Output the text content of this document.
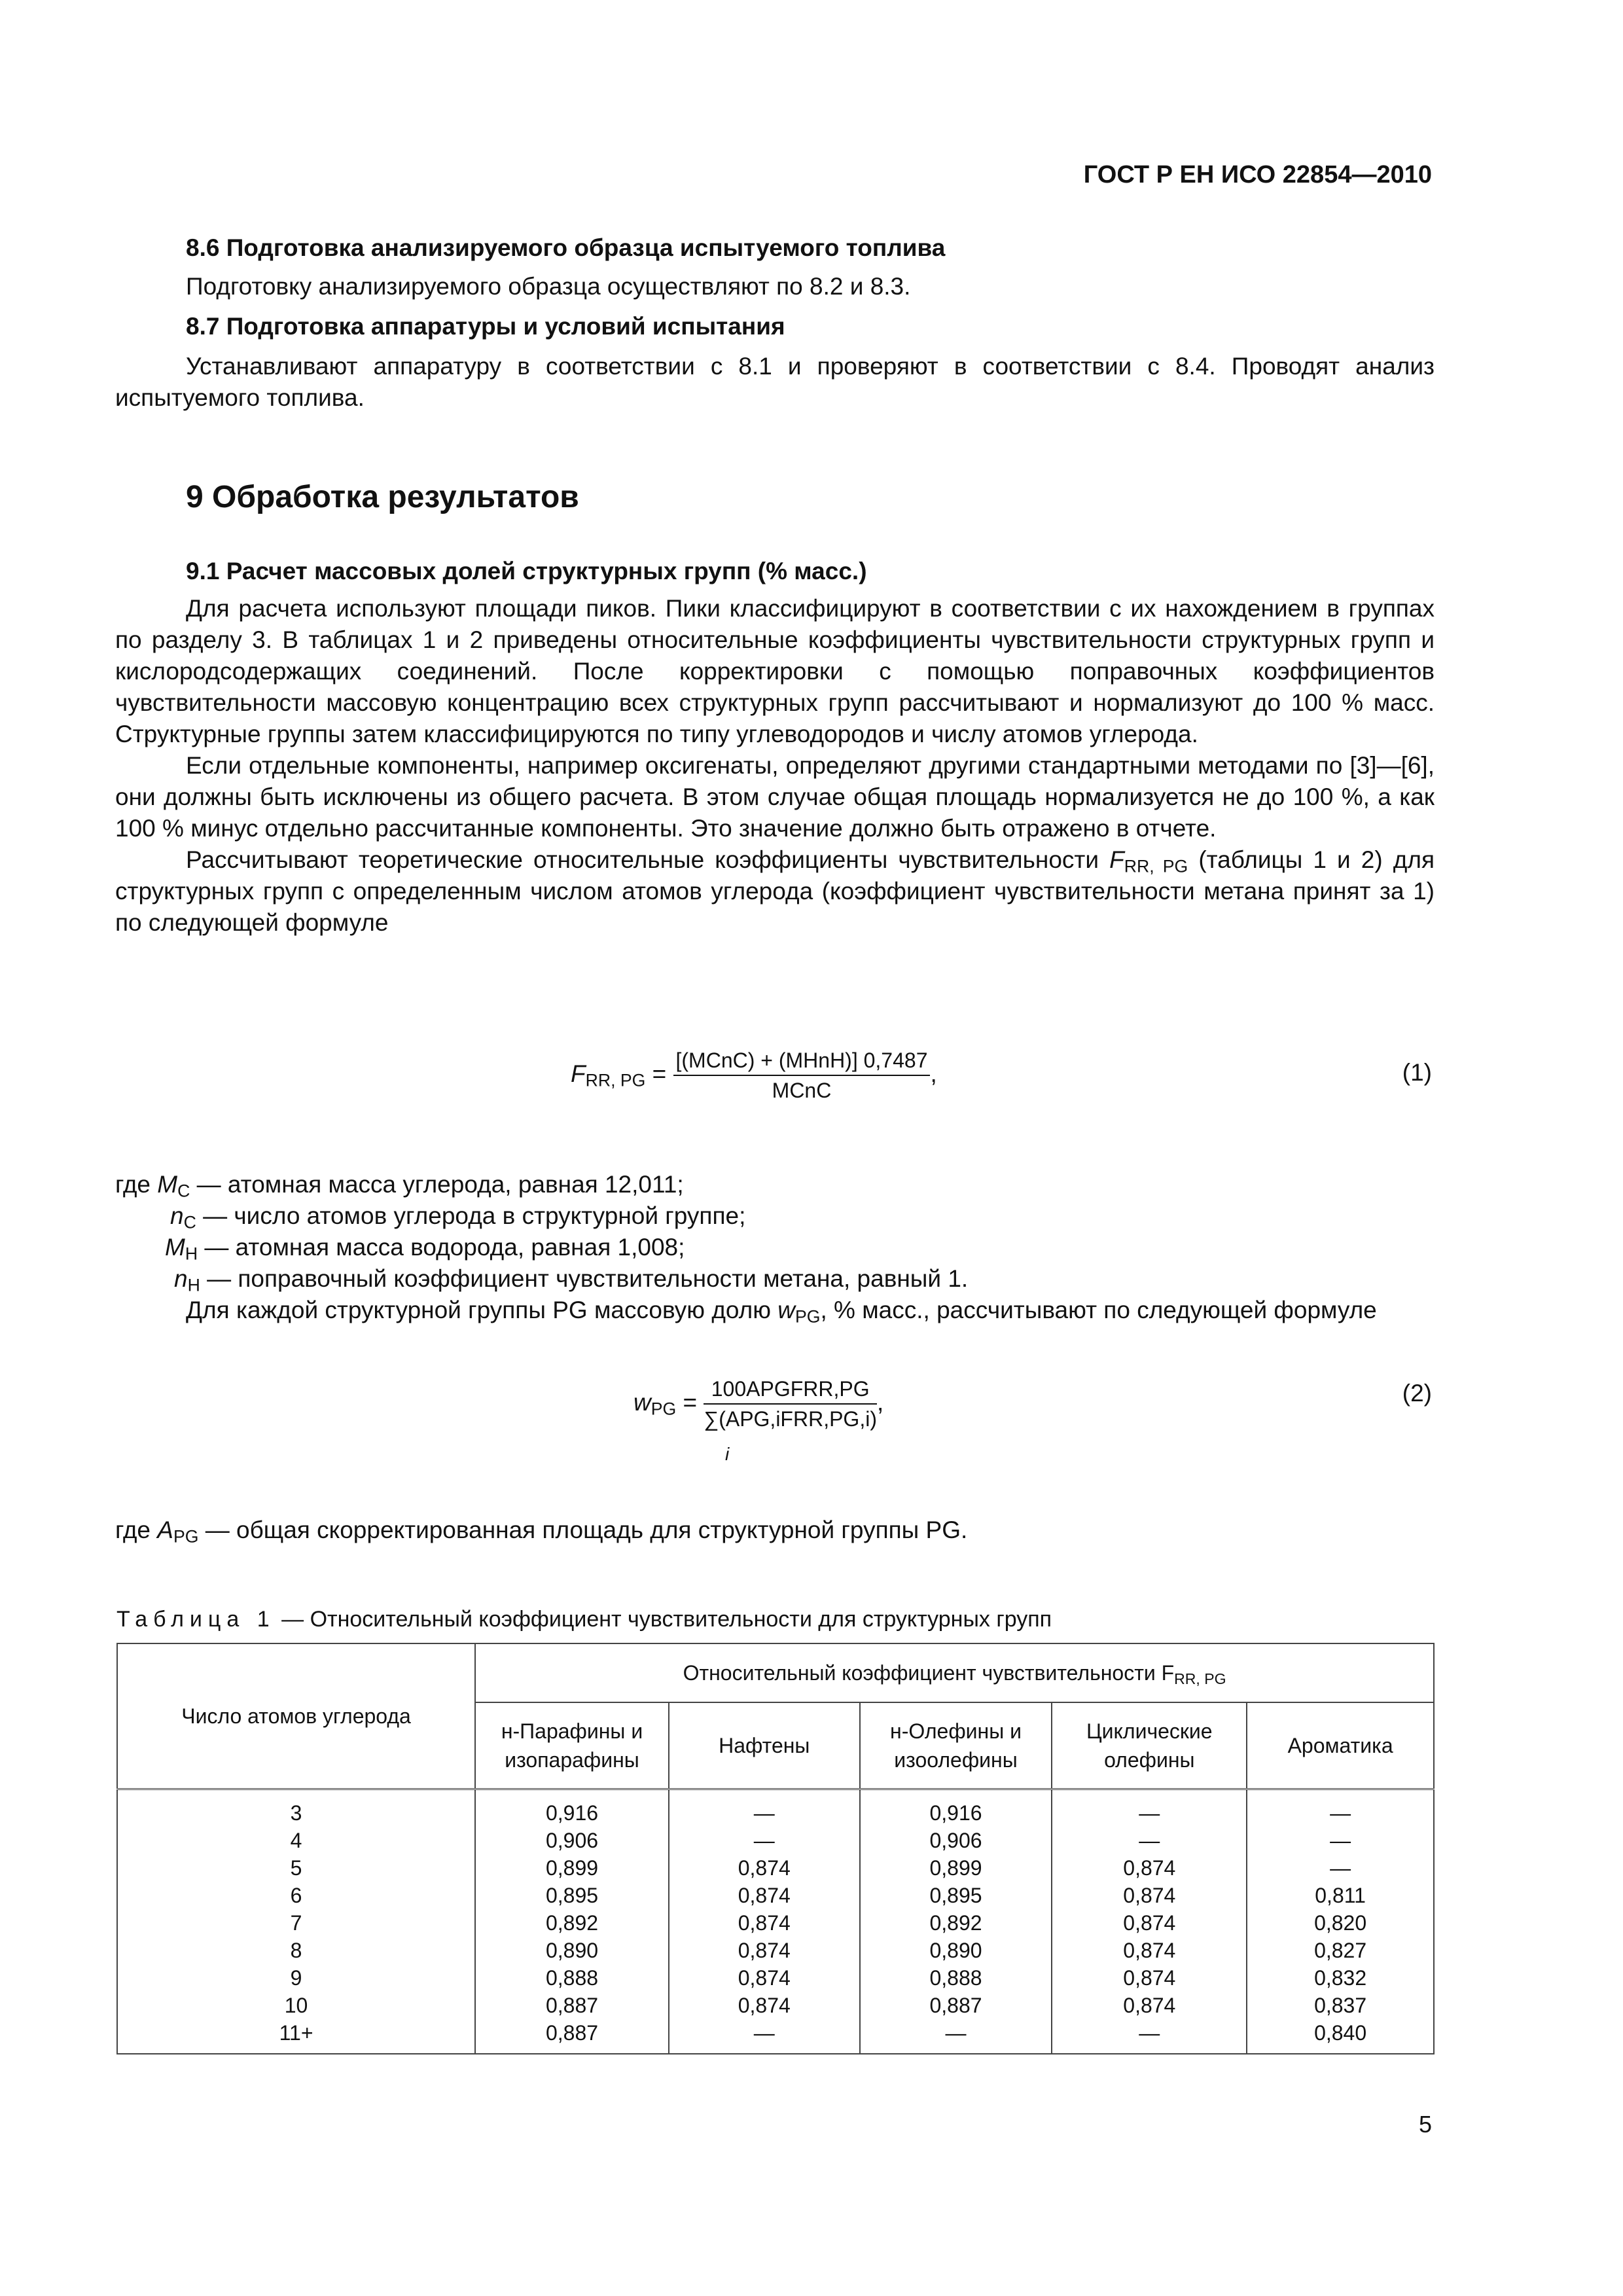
ГОСТ Р ЕН ИСО 22854—2010
8.6 Подготовка анализируемого образца испытуемого топлива
Подготовку анализируемого образца осуществляют по 8.2 и 8.3.
8.7 Подготовка аппаратуры и условий испытания
Устанавливают аппаратуру в соответствии с 8.1 и проверяют в соответствии с 8.4. Проводят анализ испытуемого топлива.
9 Обработка результатов
9.1 Расчет массовых долей структурных групп (% масс.)

Для расчета используют площади пиков. Пики классифицируют в соответствии с их нахождением в группах по разделу 3. В таблицах 1 и 2 приведены относительные коэффициенты чувствительности структурных групп и кислородсодержащих соединений. После корректировки с помощью поправочных коэффициентов чувствительности массовую концентрацию всех структурных групп рассчитывают и нормализуют до 100 % масс. Структурные группы затем классифицируются по типу углеводородов и числу атомов углерода.

Если отдельные компоненты, например оксигенаты, определяют другими стандартными методами по [3]—[6], они должны быть исключены из общего расчета. В этом случае общая площадь нормализуется не до 100 %, а как 100 % минус отдельно рассчитанные компоненты. Это значение должно быть отражено в отчете.

Рассчитывают теоретические относительные коэффициенты чувствительности $F_{RR, PG}$ (таблицы 1 и 2) для структурных групп с определенным числом атомов углерода (коэффициент чувствительности метана принят за 1) по следующей формуле

$F_{RR, PG} = \frac{\text{[(MCnC) + (MHnH)] 0,7487}}{\text{MCnC}}$ ,	(1)
где $M_C$ — атомная масса углерода, равная 12,011;
$n_C$ — число атомов углерода в структурной группе;
$M_H$ — атомная масса водорода, равная 1,008;
$n_H$ — поправочный коэффициент чувствительности метана, равный 1.
Для каждой структурной группы PG массовую долю $w_{PG}$, % масс., рассчитывают по следующей формуле
$w_{PG} = \frac{\text{100APGFRR,PG}}{\text{∑(APG,iFRR,PG,i)}}$ ,
i
(2)
где $A_{PG}$ — общая скорректированная площадь для структурной группы PG.
Таблица 1 — Относительный коэффициент чувствительности для структурных групп
Число атомов углерода	Относительный коэффициент чувствительности $F_{RR, PG}$
	н-Парафины и изопарафины	Нафтены	н-Олефины и изоолефины	Циклические олефины	Ароматика
3	0,916	—	0,916	—	—
4	0,906	—	0,906	—	—
5	0,899	0,874	0,899	0,874	—
6	0,895	0,874	0,895	0,874	0,811
7	0,892	0,874	0,892	0,874	0,820
8	0,890	0,874	0,890	0,874	0,827
9	0,888	0,874	0,888	0,874	0,832
10	0,887	0,874	0,887	0,874	0,837
11+	0,887	—	—	—	0,840
5
